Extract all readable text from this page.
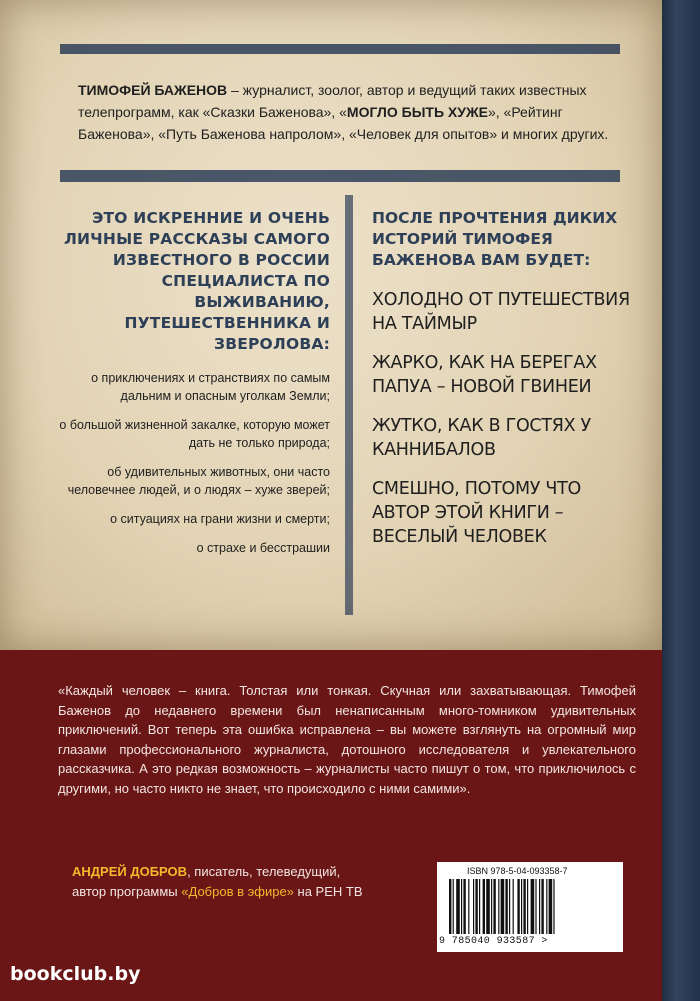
ТИМОФЕЙ БАЖЕНОВ – журналист, зоолог, автор и ведущий таких известных телепрограмм, как «Сказки Баженова», «МОГЛО БЫТЬ ХУЖЕ», «Рейтинг Баженова», «Путь Баженова напролом», «Человек для опытов» и многих других.

ЭТО ИСКРЕННИЕ И ОЧЕНЬ ЛИЧНЫЕ РАССКАЗЫ САМОГО ИЗВЕСТНОГО В РОССИИ СПЕЦИАЛИСТА ПО ВЫЖИВАНИЮ, ПУТЕШЕСТВЕННИКА И ЗВЕРОЛОВА:
о приключениях и странствиях по самым дальним и опасным уголкам Земли;
о большой жизненной закалке, которую может дать не только природа;
об удивительных животных, они часто человечнее людей, и о людях – хуже зверей;
о ситуациях на грани жизни и смерти;
о страхе и бесстрашии
ПОСЛЕ ПРОЧТЕНИЯ ДИКИХ ИСТОРИЙ ТИМОФЕЯ БАЖЕНОВА ВАМ БУДЕТ:
ХОЛОДНО ОТ ПУТЕШЕСТВИЯ НА ТАЙМЫР
ЖАРКО, КАК НА БЕРЕГАХ ПАПУА – НОВОЙ ГВИНЕИ
ЖУТКО, КАК В ГОСТЯХ У КАННИБАЛОВ
СМЕШНО, ПОТОМУ ЧТО АВТОР ЭТОЙ КНИГИ – ВЕСЕЛЫЙ ЧЕЛОВЕК

«Каждый человек – книга. Толстая или тонкая. Скучная или захватывающая. Тимофей Баженов до недавнего времени был ненаписанным много-томником удивительных приключений. Вот теперь эта ошибка исправлена – вы можете взглянуть на огромный мир глазами профессионального журналиста, дотошного исследователя и увлекательного рассказчика. А это редкая возможность – журналисты часто пишут о том, что приключилось с другими, но часто никто не знает, что происходило с ними самими».

АНДРЕЙ ДОБРОВ, писатель, телеведущий, автор программы «Добров в эфире» на РЕН ТВ

ISBN 978-5-04-093358-7
9 785040 933587 >
bookclub.by
